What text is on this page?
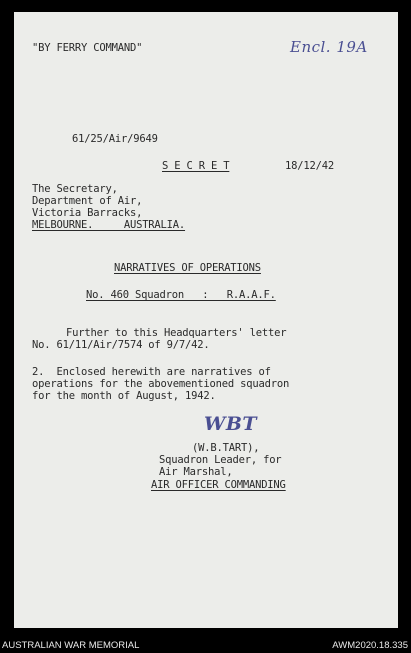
"BY FERRY COMMAND"	Encl. 19A
61/25/Air/9649
S E C R E T	18/12/42
The Secretary,
Department of Air,
Victoria Barracks,
MELBOURNE.     AUSTRALIA.
NARRATIVES OF OPERATIONS
No. 460 Squadron   :   R.A.A.F.
Further to this Headquarters' letter
No. 61/11/Air/7574 of 9/7/42.
2.  Enclosed herewith are narratives of
operations for the abovementioned squadron
for the month of August, 1942.
WBT
(W.B.TART),
Squadron Leader, for
Air Marshal,
AIR OFFICER COMMANDING
AUSTRALIAN WAR MEMORIAL	AWM2020.18.335
